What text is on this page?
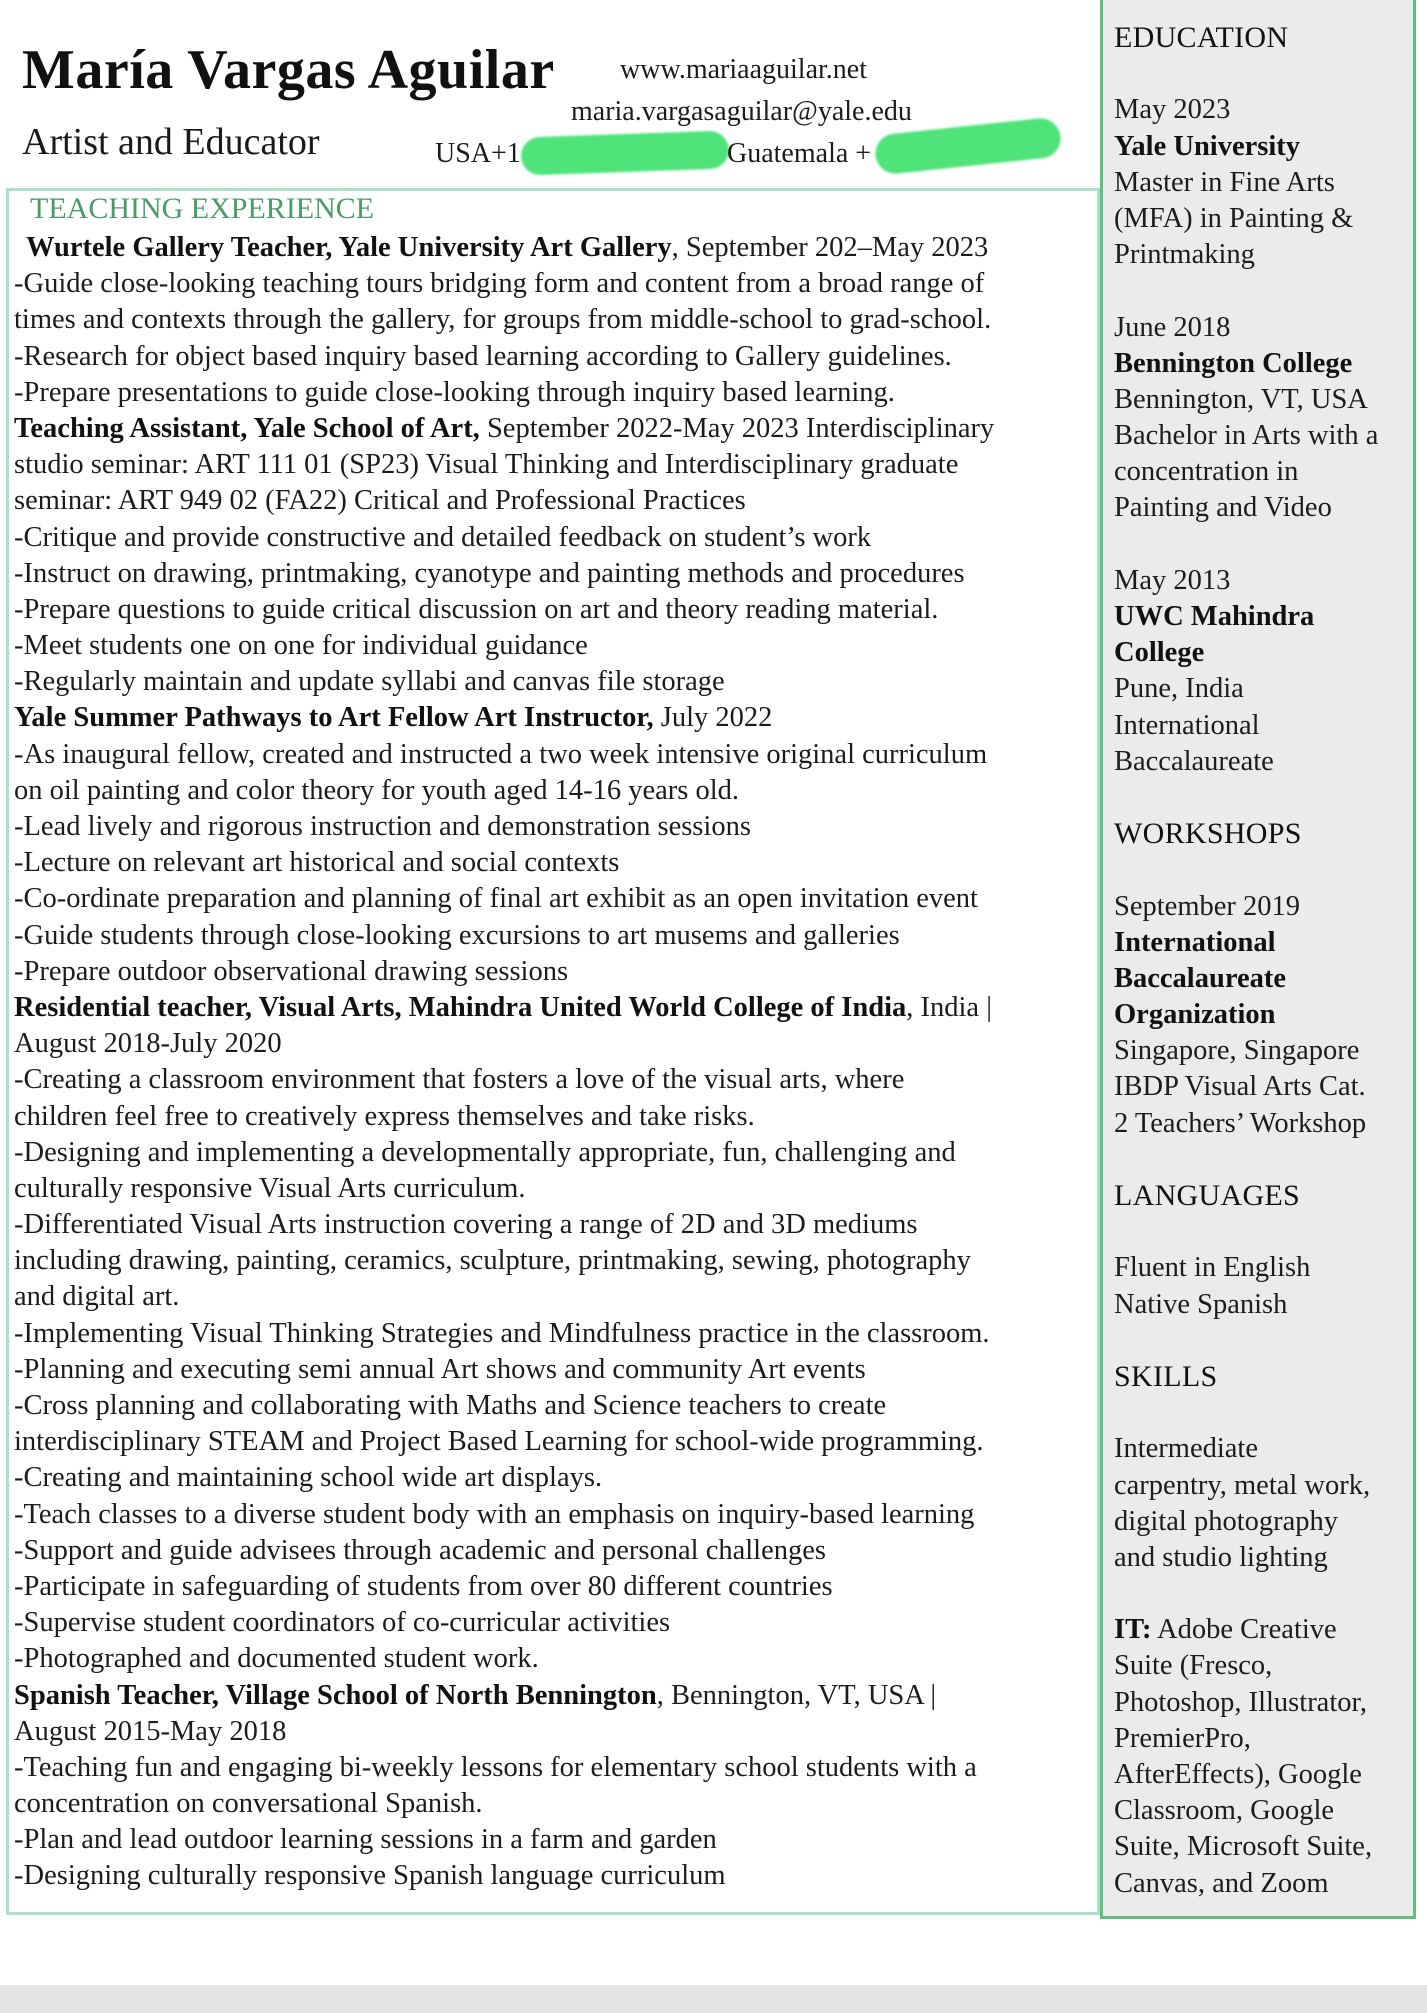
María Vargas Aguilar
Artist and Educator
www.mariaaguilar.net
maria.vargasaguilar@yale.edu
USA+1	Guatemala +
TEACHING EXPERIENCE
Wurtele Gallery Teacher, Yale University Art Gallery, September 202–May 2023
-Guide close-looking teaching tours bridging form and content from a broad range of
times and contexts through the gallery, for groups from middle-school to grad-school.
-Research for object based inquiry based learning according to Gallery guidelines.
-Prepare presentations to guide close-looking through inquiry based learning.
Teaching Assistant, Yale School of Art, September 2022-May 2023 Interdisciplinary
studio seminar: ART 111 01 (SP23) Visual Thinking and Interdisciplinary graduate
seminar: ART 949 02 (FA22) Critical and Professional Practices
-Critique and provide constructive and detailed feedback on student’s work
-Instruct on drawing, printmaking, cyanotype and painting methods and procedures
-Prepare questions to guide critical discussion on art and theory reading material.
-Meet students one on one for individual guidance
-Regularly maintain and update syllabi and canvas file storage
Yale Summer Pathways to Art Fellow Art Instructor, July 2022
-As inaugural fellow, created and instructed a two week intensive original curriculum
on oil painting and color theory for youth aged 14-16 years old.
-Lead lively and rigorous instruction and demonstration sessions
-Lecture on relevant art historical and social contexts
-Co-ordinate preparation and planning of final art exhibit as an open invitation event
-Guide students through close-looking excursions to art musems and galleries
-Prepare outdoor observational drawing sessions
Residential teacher, Visual Arts, Mahindra United World College of India, India |
August 2018-July 2020
-Creating a classroom environment that fosters a love of the visual arts, where
children feel free to creatively express themselves and take risks.
-Designing and implementing a developmentally appropriate, fun, challenging and
culturally responsive Visual Arts curriculum.
-Differentiated Visual Arts instruction covering a range of 2D and 3D mediums
including drawing, painting, ceramics, sculpture, printmaking, sewing, photography
and digital art.
-Implementing Visual Thinking Strategies and Mindfulness practice in the classroom.
-Planning and executing semi annual Art shows and community Art events
-Cross planning and collaborating with Maths and Science teachers to create
interdisciplinary STEAM and Project Based Learning for school-wide programming.
-Creating and maintaining school wide art displays.
-Teach classes to a diverse student body with an emphasis on inquiry-based learning
-Support and guide advisees through academic and personal challenges
-Participate in safeguarding of students from over 80 different countries
-Supervise student coordinators of co-curricular activities
-Photographed and documented student work.
Spanish Teacher, Village School of North Bennington, Bennington, VT, USA |
August 2015-May 2018
-Teaching fun and engaging bi-weekly lessons for elementary school students with a
concentration on conversational Spanish.
-Plan and lead outdoor learning sessions in a farm and garden
-Designing culturally responsive Spanish language curriculum
EDUCATION
May 2023
Yale University
Master in Fine Arts
(MFA) in Painting &
Printmaking
June 2018
Bennington College
Bennington, VT, USA
Bachelor in Arts with a
concentration in
Painting and Video
May 2013
UWC Mahindra
College
Pune, India
International
Baccalaureate
WORKSHOPS
September 2019
International
Baccalaureate
Organization
Singapore, Singapore
IBDP Visual Arts Cat.
2 Teachers’ Workshop
LANGUAGES
Fluent in English
Native Spanish
SKILLS
Intermediate
carpentry, metal work,
digital photography
and studio lighting
IT: Adobe Creative
Suite (Fresco,
Photoshop, Illustrator,
PremierPro,
AfterEffects), Google
Classroom, Google
Suite, Microsoft Suite,
Canvas, and Zoom
